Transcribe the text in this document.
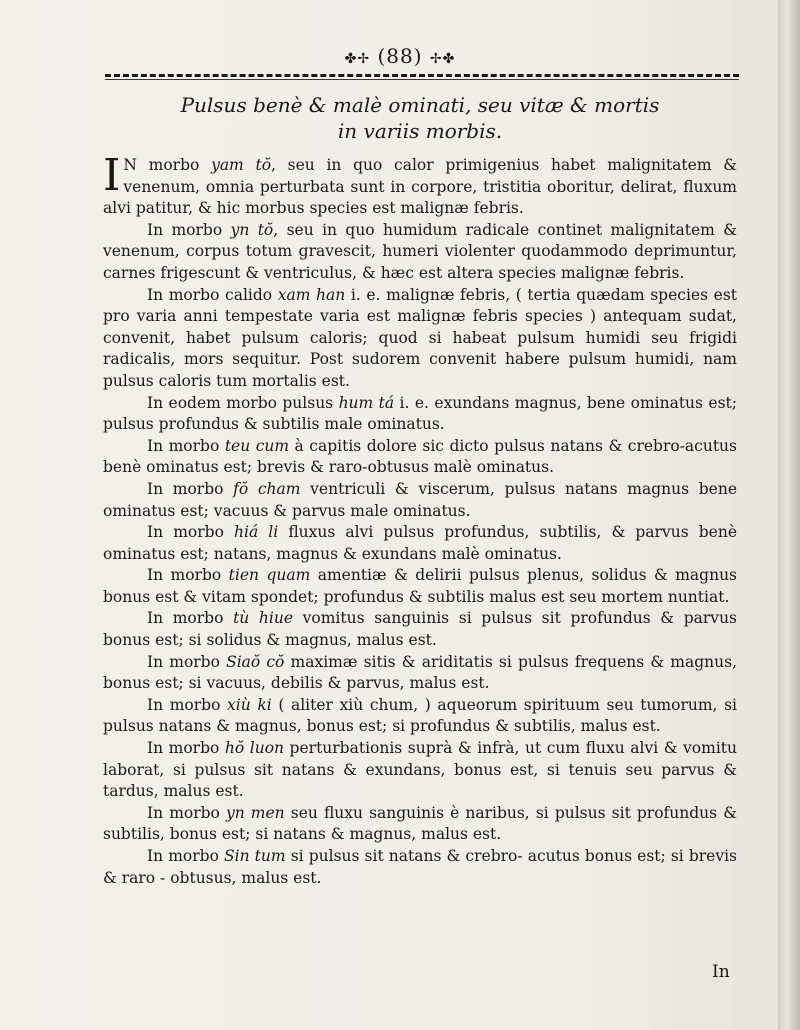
✤✢ (88) ✢✤
Pulsus benè & malè ominati, seu vitæ & mortis
in variis morbis.

I N morbo yam tŏ, seu in quo calor primigenius habet malignitatem & venenum, omnia perturbata sunt in corpore, tristitia oboritur, delirat, fluxum alvi patitur, & hic morbus species est malignæ febris.

In morbo yn tŏ, seu in quo humidum radicale continet malignitatem & venenum, corpus totum gravescit, humeri violenter quodammodo deprimuntur, carnes frigescunt & ventriculus, & hæc est altera species malignæ febris.

In morbo calido xam han i. e. malignæ febris, ( tertia quædam species est pro varia anni tempestate varia est malignæ febris species ) antequam sudat, convenit, habet pulsum caloris; quod si habeat pulsum humidi seu frigidi radicalis, mors sequitur. Post sudorem convenit habere pulsum humidi, nam pulsus caloris tum mortalis est.

In eodem morbo pulsus hum tá i. e. exundans magnus, bene ominatus est; pulsus profundus & subtilis male ominatus.

In morbo teu cum à capitis dolore sic dicto pulsus natans & crebro-acutus benè ominatus est; brevis & raro-obtusus malè ominatus.

In morbo fŏ cham ventriculi & viscerum, pulsus natans magnus bene ominatus est; vacuus & parvus male ominatus.

In morbo hiá li fluxus alvi pulsus profundus, subtilis, & parvus benè ominatus est; natans, magnus & exundans malè ominatus.

In morbo tien quam amentiæ & delirii pulsus plenus, solidus & magnus bonus est & vitam spondet; profundus & subtilis malus est seu mortem nuntiat.

In morbo tù hiue vomitus sanguinis si pulsus sit profundus & parvus bonus est; si solidus & magnus, malus est.

In morbo Siaŏ cŏ maximæ sitis & ariditatis si pulsus frequens & magnus, bonus est; si vacuus, debilis & parvus, malus est.

In morbo xiù ki ( aliter xiù chum, ) aqueorum spirituum seu tumorum, si pulsus natans & magnus, bonus est; si profundus & subtilis, malus est.

In morbo hŏ luon perturbationis suprà & infrà, ut cum fluxu alvi & vomitu laborat, si pulsus sit natans & exundans, bonus est, si tenuis seu parvus & tardus, malus est.

In morbo yn men seu fluxu sanguinis è naribus, si pulsus sit profundus & subtilis, bonus est; si natans & magnus, malus est.

In morbo Sin tum si pulsus sit natans & crebro- acutus bonus est; si brevis & raro - obtusus, malus est.

In
